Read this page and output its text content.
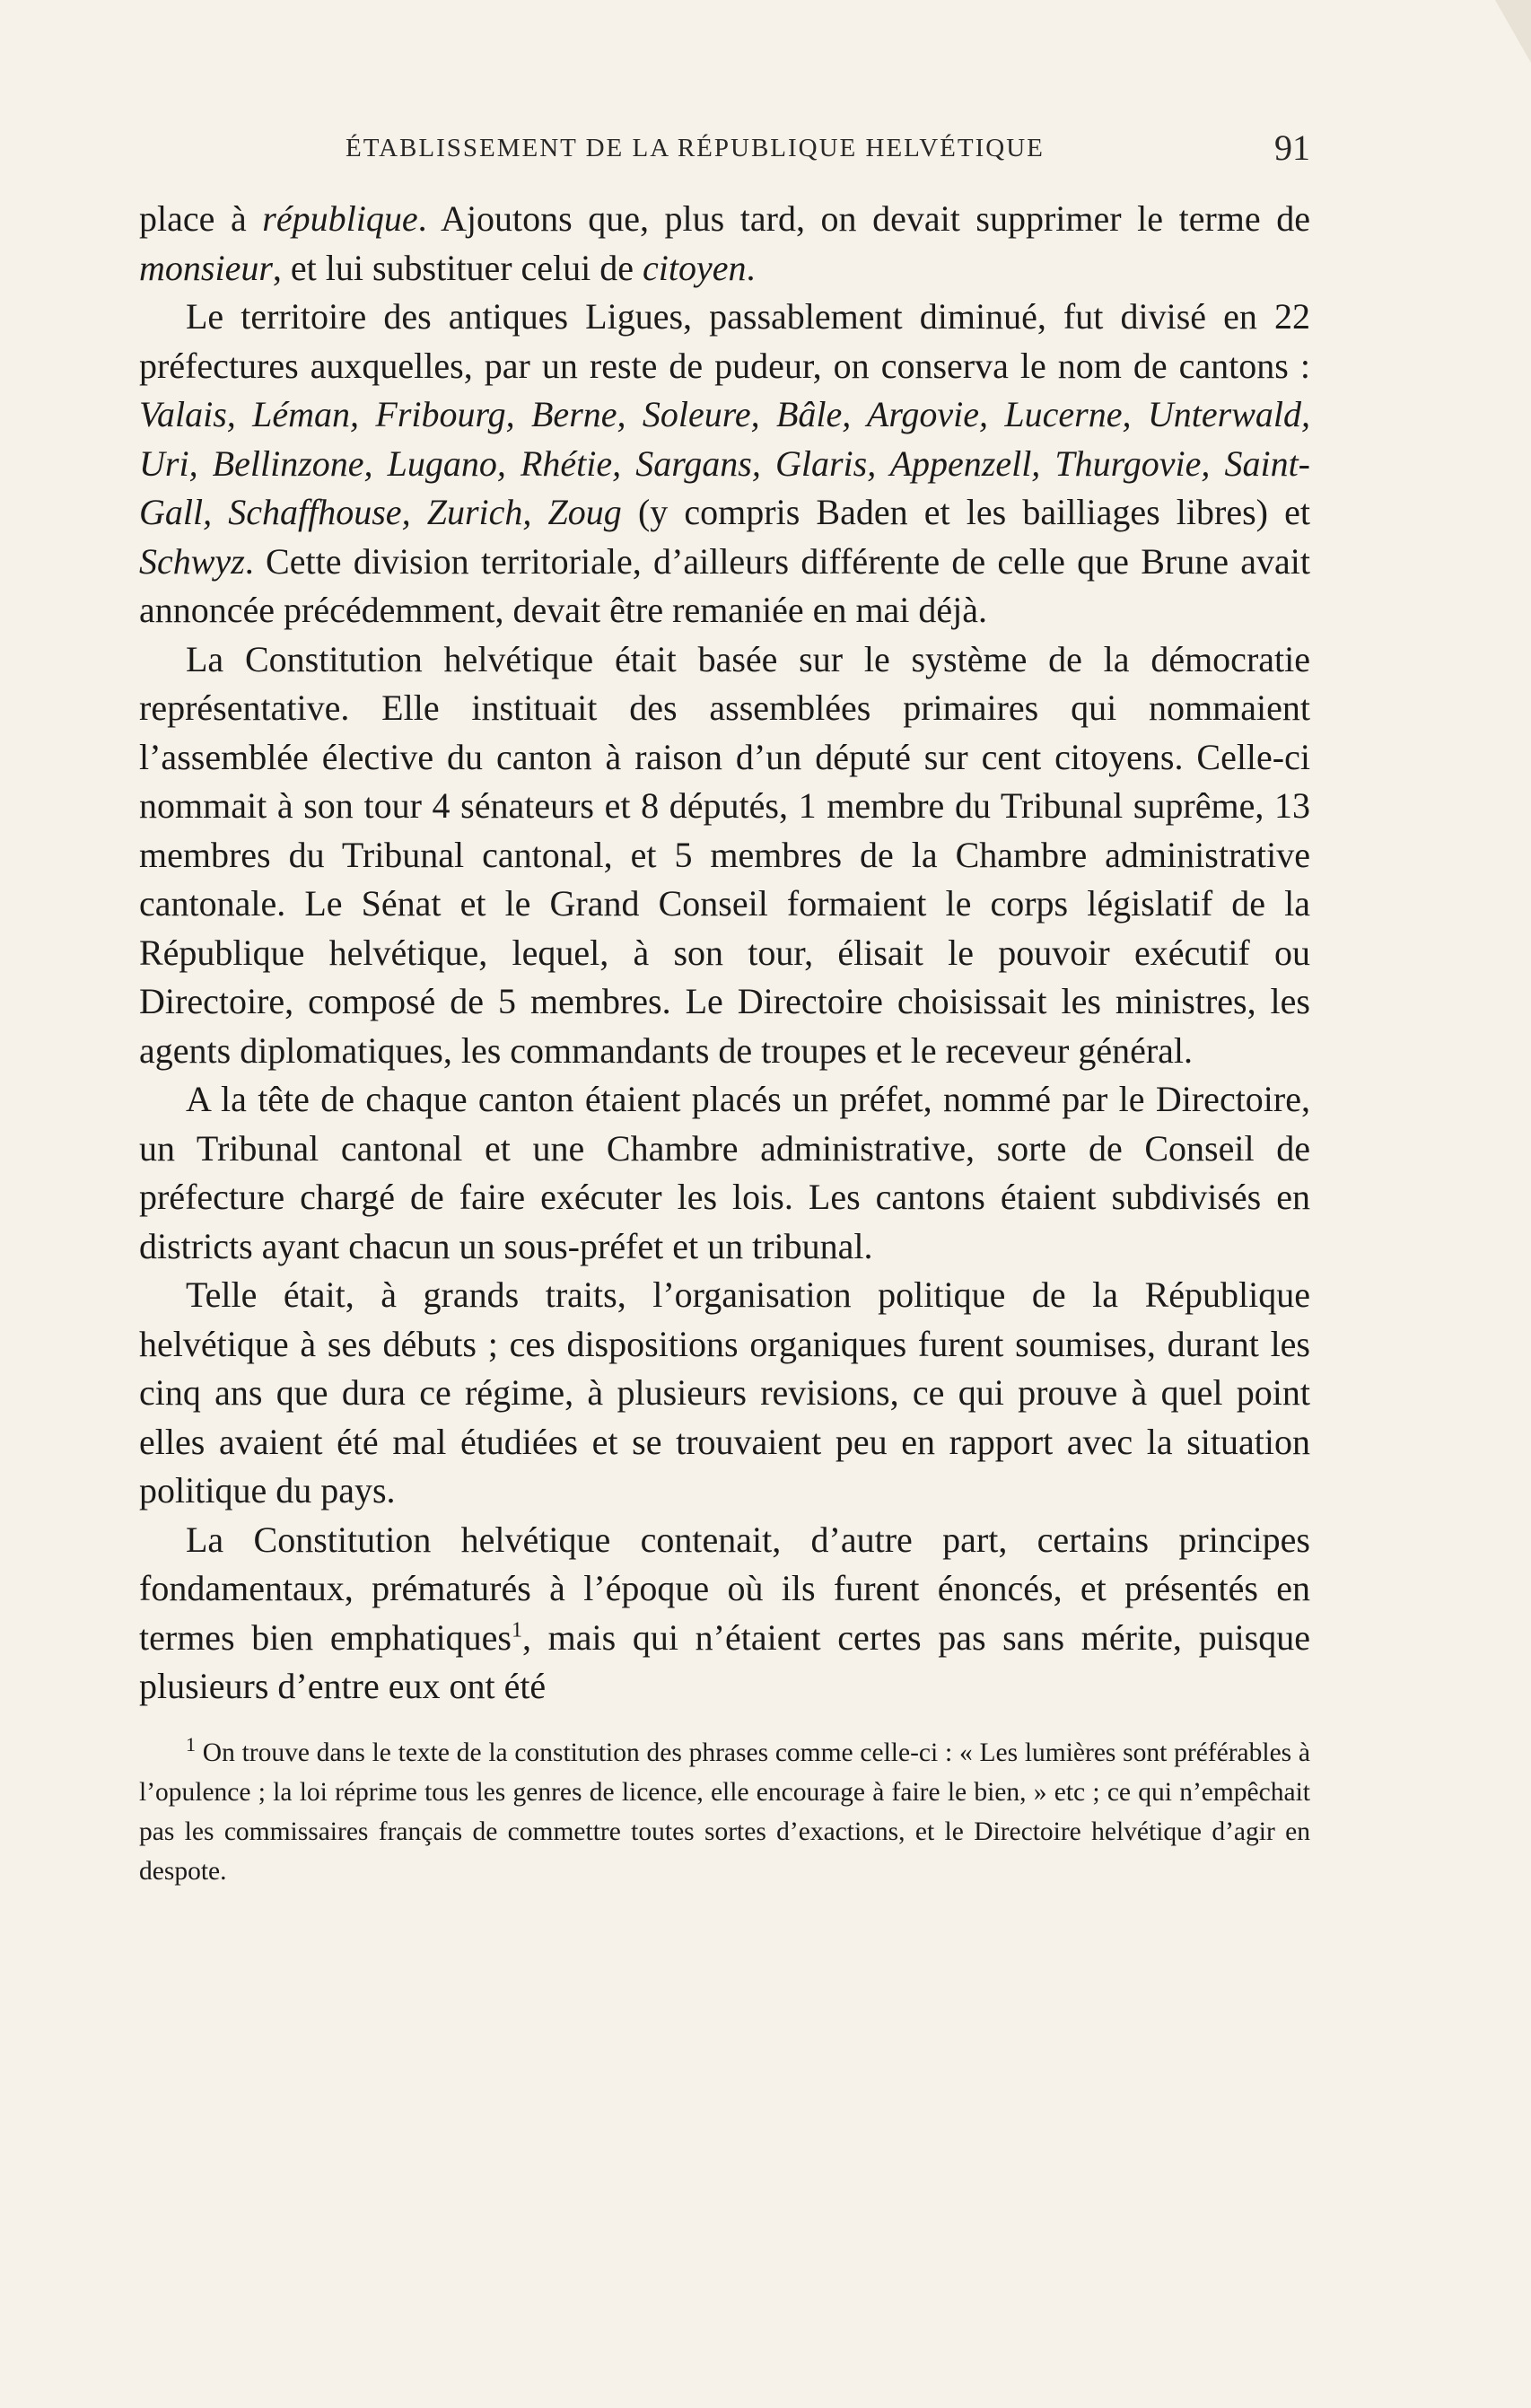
ÉTABLISSEMENT DE LA RÉPUBLIQUE HELVÉTIQUE	91

place à république. Ajoutons que, plus tard, on devait supprimer le terme de monsieur, et lui substituer celui de citoyen.

Le territoire des antiques Ligues, passablement diminué, fut divisé en 22 préfectures auxquelles, par un reste de pudeur, on conserva le nom de cantons : Valais, Léman, Fribourg, Berne, Soleure, Bâle, Argovie, Lucerne, Unterwald, Uri, Bellinzone, Lugano, Rhétie, Sargans, Glaris, Appenzell, Thurgovie, Saint-Gall, Schaffhouse, Zurich, Zoug (y compris Baden et les bailliages libres) et Schwyz. Cette division territoriale, d’ailleurs différente de celle que Brune avait annoncée précédemment, devait être remaniée en mai déjà.

La Constitution helvétique était basée sur le système de la démocratie représentative. Elle instituait des assemblées primaires qui nommaient l’assemblée élective du canton à raison d’un député sur cent citoyens. Celle-ci nommait à son tour 4 sénateurs et 8 députés, 1 membre du Tribunal suprême, 13 membres du Tribunal cantonal, et 5 membres de la Chambre administrative cantonale. Le Sénat et le Grand Conseil formaient le corps législatif de la République helvétique, lequel, à son tour, élisait le pouvoir exécutif ou Directoire, composé de 5 membres. Le Directoire choisissait les ministres, les agents diplomatiques, les commandants de troupes et le receveur général.

A la tête de chaque canton étaient placés un préfet, nommé par le Directoire, un Tribunal cantonal et une Chambre administrative, sorte de Conseil de préfecture chargé de faire exécuter les lois. Les cantons étaient subdivisés en districts ayant chacun un sous-préfet et un tribunal.

Telle était, à grands traits, l’organisation politique de la République helvétique à ses débuts ; ces dispositions organiques furent soumises, durant les cinq ans que dura ce régime, à plusieurs revisions, ce qui prouve à quel point elles avaient été mal étudiées et se trouvaient peu en rapport avec la situation politique du pays.

La Constitution helvétique contenait, d’autre part, certains principes fondamentaux, prématurés à l’époque où ils furent énoncés, et présentés en termes bien emphatiques$^1$, mais qui n’étaient certes pas sans mérite, puisque plusieurs d’entre eux ont été

$^1$ On trouve dans le texte de la constitution des phrases comme celle-ci : « Les lumières sont préférables à l’opulence ; la loi réprime tous les genres de licence, elle encourage à faire le bien, » etc ; ce qui n’empêchait pas les commissaires français de commettre toutes sortes d’exactions, et le Directoire helvétique d’agir en despote.
